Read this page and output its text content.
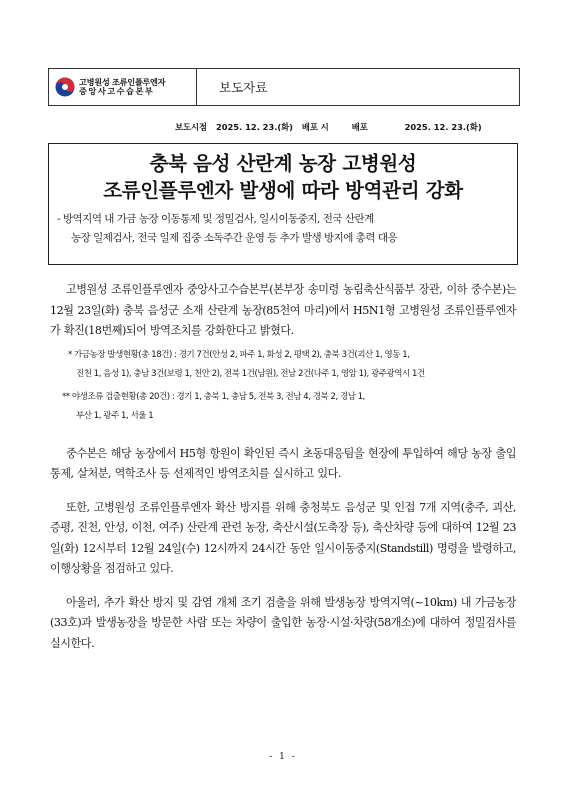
고병원성 조류인플루엔자
중앙사고수습본부	보도자료
보도시점 2025. 12. 23.(화) 배포 시	배포	2025. 12. 23.(화)
충북 음성 산란계 농장 고병원성
조류인플루엔자 발생에 따라 방역관리 강화
- 방역지역 내 가금 농장 이동통제 및 정밀검사, 일시이동중지, 전국 산란계
농장 일제검사, 전국 일제 집중 소독주간 운영 등 추가 발생 방지에 총력 대응

고병원성 조류인플루엔자 중앙사고수습본부(본부장 송미령 농림축산식품부 장관, 이하 중수본)는 12월 23일(화) 충북 음성군 소재 산란계 농장(85천여 마리)에서 H5N1형 고병원성 조류인플루엔자가 확진(18번째)되어 방역조치를 강화한다고 밝혔다.

* 가금농장 발생현황(총 18건) : 경기 7건(안성 2, 파주 1, 화성 2, 평택 2), 충북 3건(괴산 1, 영동 1,
진천 1, 음성 1), 충남 3건(보령 1, 천안 2), 전북 1건(남원), 전남 2건(나주 1, 영암 1), 광주광역시 1건
** 야생조류 검출현황(총 20건) : 경기 1, 충북 1, 충남 5, 전북 3, 전남 4, 경북 2, 경남 1,
부산 1, 광주 1, 서울 1

중수본은 해당 농장에서 H5형 항원이 확인된 즉시 초동대응팀을 현장에 투입하여 해당 농장 출입 통제, 살처분, 역학조사 등 선제적인 방역조치를 실시하고 있다.

또한, 고병원성 조류인플루엔자 확산 방지를 위해 충청북도 음성군 및 인접 7개 지역(충주, 괴산, 증평, 진천, 안성, 이천, 여주) 산란계 관련 농장, 축산시설(도축장 등), 축산차량 등에 대하여 12월 23일(화) 12시부터 12월 24일(수) 12시까지 24시간 동안 일시이동중지(Standstill) 명령을 발령하고, 이행상황을 점검하고 있다.

아울러, 추가 확산 방지 및 감염 개체 조기 검출을 위해 발생농장 방역지역(~10km) 내 가금농장(33호)과 발생농장을 방문한 사람 또는 차량이 출입한 농장·시설·차량(58개소)에 대하여 정밀검사를 실시한다.

- 1 -
